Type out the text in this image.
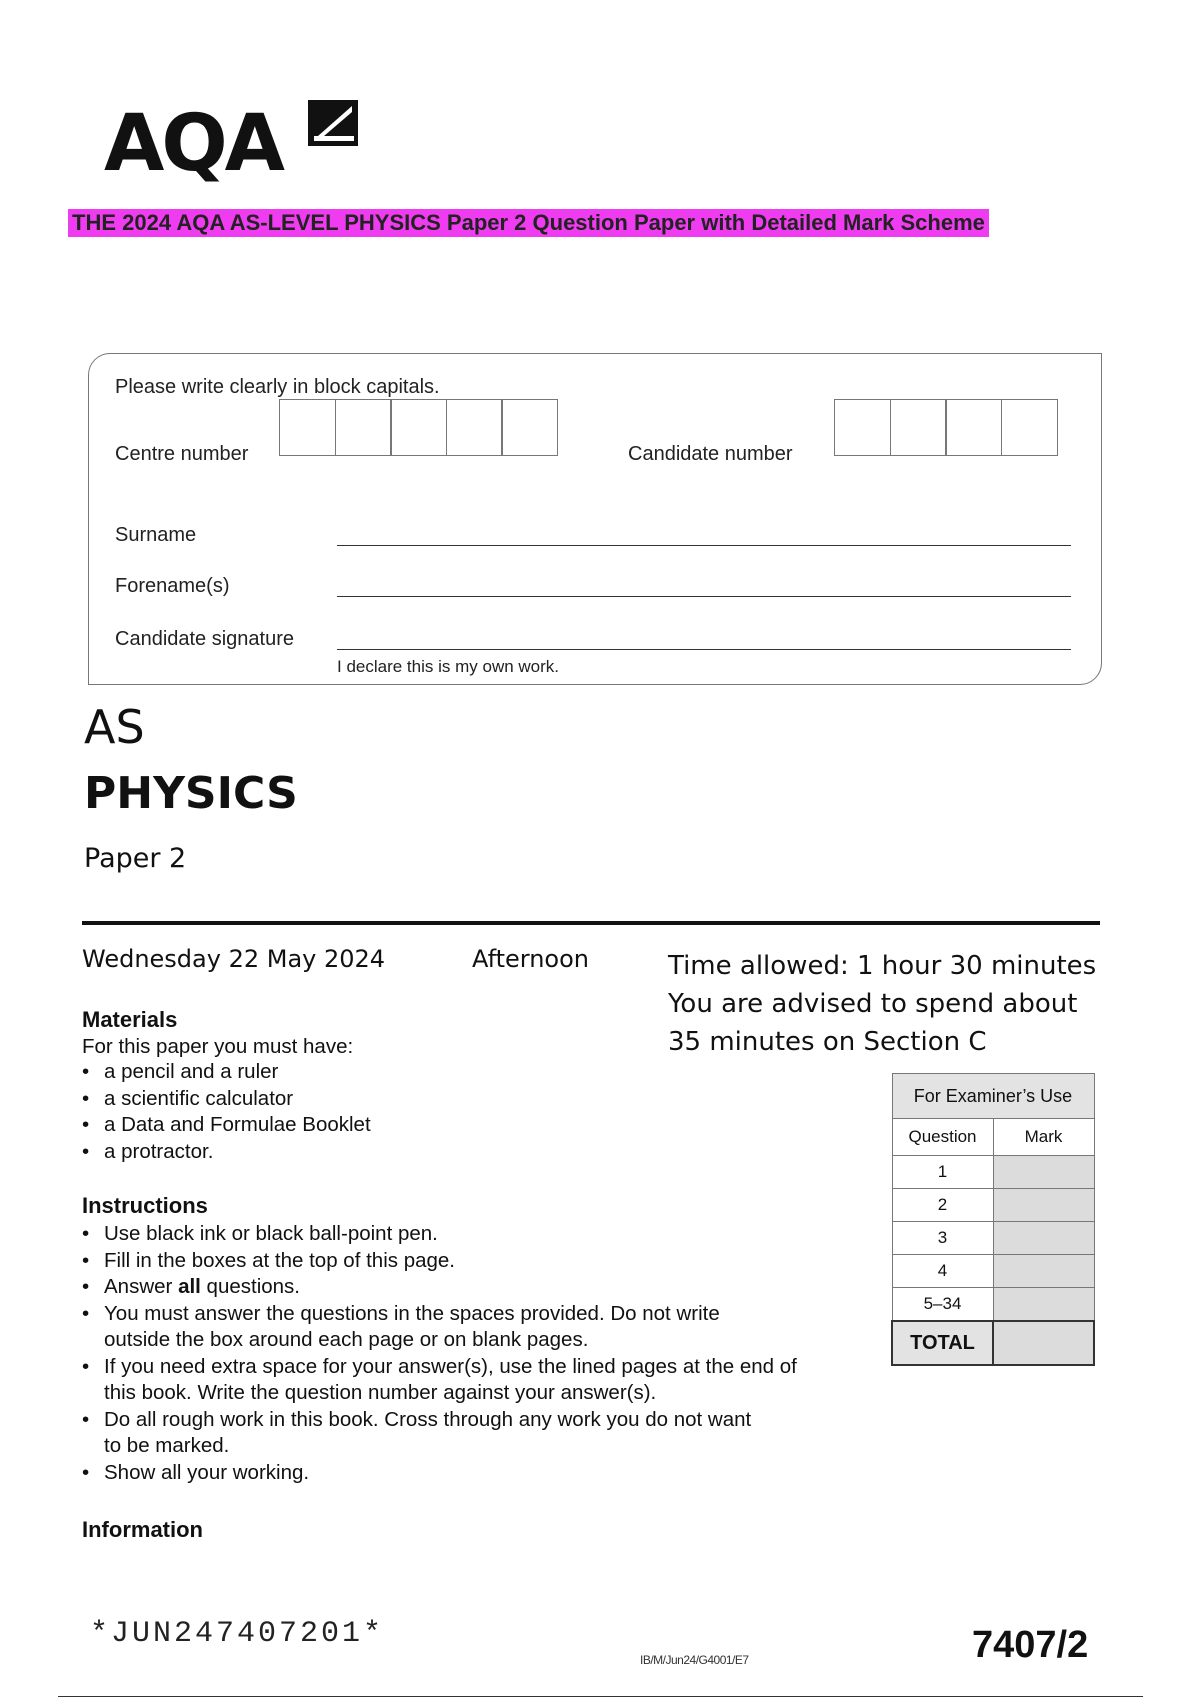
AQA
THE 2024 AQA AS-LEVEL PHYSICS Paper 2 Question Paper with Detailed Mark Scheme
Please write clearly in block capitals.
Centre number	Candidate number
Surname
Forename(s)
Candidate signature
I declare this is my own work.
AS
PHYSICS
Paper 2
Wednesday 22 May 2024	Afternoon	Time allowed: 1 hour 30 minutes
You are advised to spend about
35 minutes on Section C
Materials
For this paper you must have:
• a pencil and a ruler
• a scientific calculator
• a Data and Formulae Booklet
• a protractor.
Instructions
• Use black ink or black ball-point pen.
• Fill in the boxes at the top of this page.
• Answer all questions.
• You must answer the questions in the spaces provided. Do not write
outside the box around each page or on blank pages.
• If you need extra space for your answer(s), use the lined pages at the end of
this book. Write the question number against your answer(s).
• Do all rough work in this book. Cross through any work you do not want
to be marked.
• Show all your working.
Information
For Examiner’s Use	
Question	Mark
1	
2	
3	
4	
5–34	
TOTAL	
*JUN247407201*
IB/M/Jun24/G4001/E7	7407/2
